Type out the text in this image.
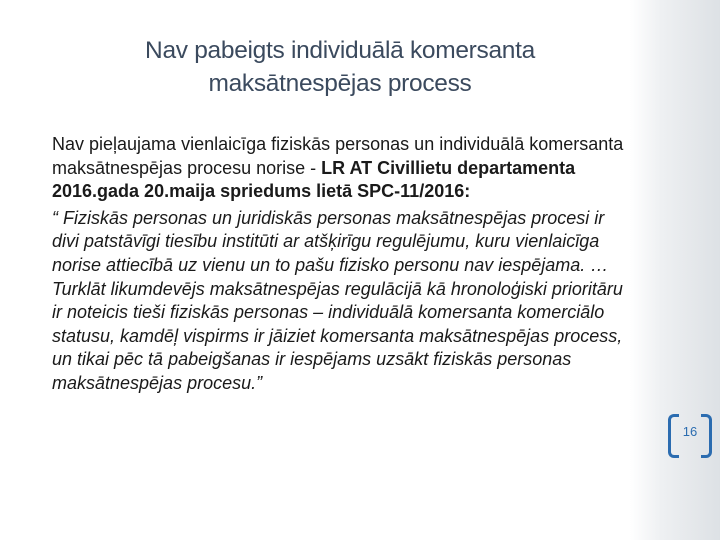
Nav pabeigts individuālā komersanta
maksātnespējas process

Nav pieļaujama vienlaicīga fiziskās personas un individuālā komersanta maksātnespējas procesu norise - LR AT Civillietu departamenta 2016.gada 20.maija spriedums lietā SPC-11/2016:

“ Fiziskās personas un juridiskās personas maksātnespējas procesi ir divi patstāvīgi tiesību institūti ar atšķirīgu regulējumu, kuru vienlaicīga norise attiecībā uz vienu un to pašu fizisko personu nav iespējama. … Turklāt likumdevējs maksātnespējas regulācijā kā hronoloģiski prioritāru ir noteicis tieši fiziskās personas – individuālā komersanta komerciālo statusu, kamdēļ vispirms ir jāiziet komersanta maksātnespējas process, un tikai pēc tā pabeigšanas ir iespējams uzsākt fiziskās personas maksātnespējas procesu.”

16
